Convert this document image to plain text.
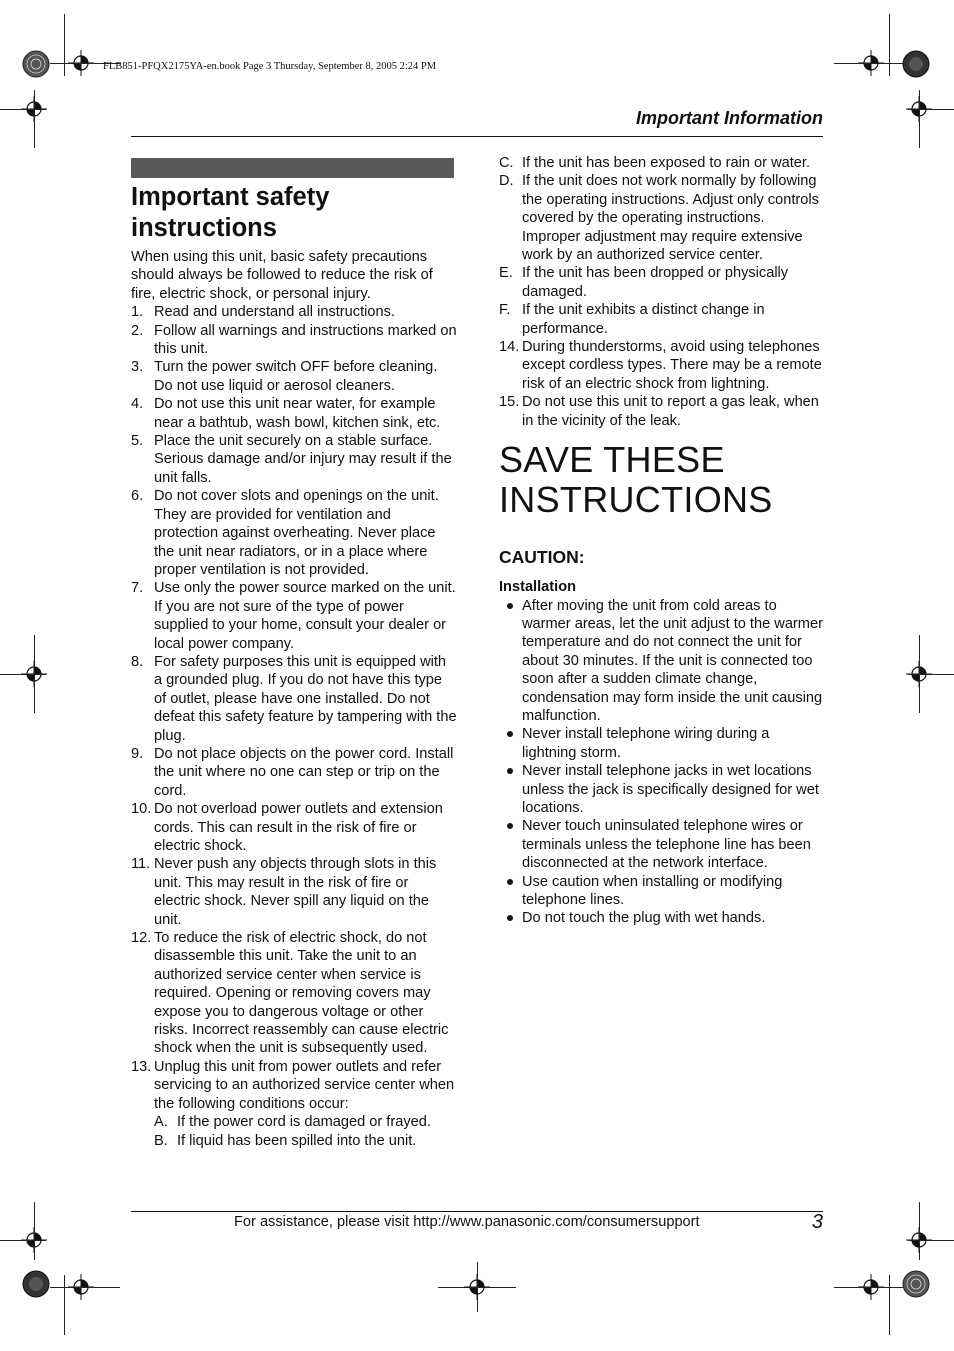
FLB851-PFQX2175YA-en.book Page 3 Thursday, September 8, 2005 2:24 PM
Important Information
Important safety instructions

When using this unit, basic safety precautions should always be followed to reduce the risk of fire, electric shock, or personal injury.

1. Read and understand all instructions.
2. Follow all warnings and instructions marked on this unit.
3. Turn the power switch OFF before cleaning. Do not use liquid or aerosol cleaners.
4. Do not use this unit near water, for example near a bathtub, wash bowl, kitchen sink, etc.
5. Place the unit securely on a stable surface. Serious damage and/or injury may result if the unit falls.
6. Do not cover slots and openings on the unit. They are provided for ventilation and protection against overheating. Never place the unit near radiators, or in a place where proper ventilation is not provided.
7. Use only the power source marked on the unit. If you are not sure of the type of power supplied to your home, consult your dealer or local power company.
8. For safety purposes this unit is equipped with a grounded plug. If you do not have this type of outlet, please have one installed. Do not defeat this safety feature by tampering with the plug.
9. Do not place objects on the power cord. Install the unit where no one can step or trip on the cord.
10. Do not overload power outlets and extension cords. This can result in the risk of fire or electric shock.
11. Never push any objects through slots in this unit. This may result in the risk of fire or electric shock. Never spill any liquid on the unit.
12. To reduce the risk of electric shock, do not disassemble this unit. Take the unit to an authorized service center when service is required. Opening or removing covers may expose you to dangerous voltage or other risks. Incorrect reassembly can cause electric shock when the unit is subsequently used.
13. Unplug this unit from power outlets and refer servicing to an authorized service center when the following conditions occur:
A. If the power cord is damaged or frayed.
B. If liquid has been spilled into the unit.
C. If the unit has been exposed to rain or water.
D. If the unit does not work normally by following the operating instructions. Adjust only controls covered by the operating instructions. Improper adjustment may require extensive work by an authorized service center.
E. If the unit has been dropped or physically damaged.
F. If the unit exhibits a distinct change in performance.
14. During thunderstorms, avoid using telephones except cordless types. There may be a remote risk of an electric shock from lightning.
15. Do not use this unit to report a gas leak, when in the vicinity of the leak.
SAVE THESE INSTRUCTIONS
CAUTION:

Installation

After moving the unit from cold areas to warmer areas, let the unit adjust to the warmer temperature and do not connect the unit for about 30 minutes. If the unit is connected too soon after a sudden climate change, condensation may form inside the unit causing malfunction.
Never install telephone wiring during a lightning storm.
Never install telephone jacks in wet locations unless the jack is specifically designed for wet locations.
Never touch uninsulated telephone wires or terminals unless the telephone line has been disconnected at the network interface.
Use caution when installing or modifying telephone lines.
Do not touch the plug with wet hands.
For assistance, please visit http://www.panasonic.com/consumersupport	3
